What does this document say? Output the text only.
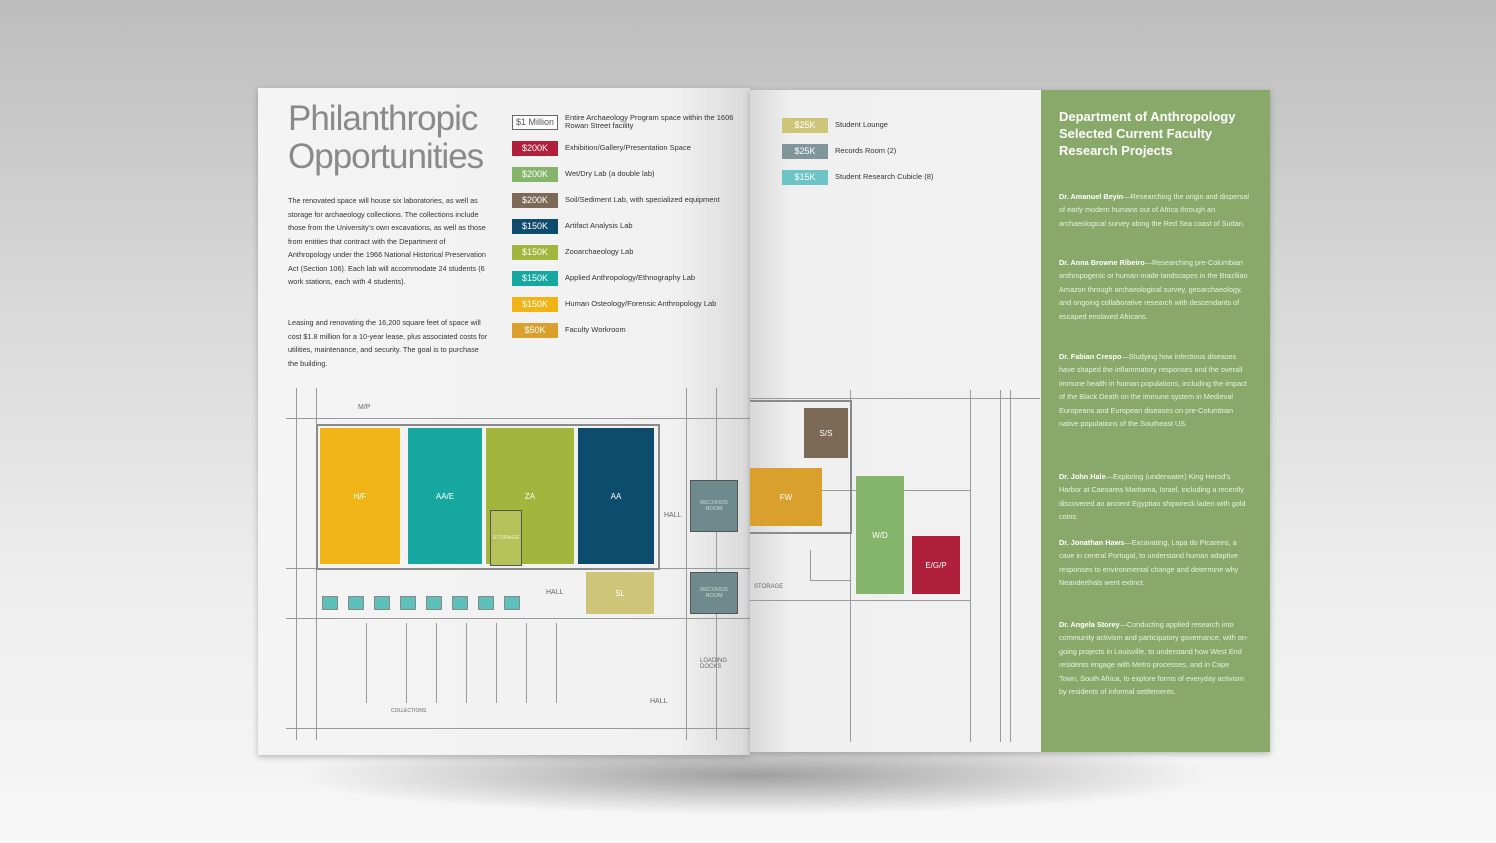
Philanthropic
Opportunities

The renovated space will house six laboratories, as well as storage for archaeology collections. The collections include those from the University’s own excavations, as well as those from entities that contract with the Department of Anthropology under the 1966 National Historical Preservation Act (Section 106). Each lab will accommodate 24 students (6 work stations, each with 4 students).

Leasing and renovating the 16,200 square feet of space will cost $1.8 million for a 10-year lease, plus associated costs for utilities, maintenance, and security. The goal is to purchase the building.

$1 Million	Entire Archaeology Program space within the 1606 Rowan Street facility
$200K	Exhibition/Gallery/Presentation Space
$200K	Wet/Dry Lab (a double lab)
$200K	Soil/Sediment Lab, with specialized equipment
$150K	Artifact Analysis Lab
$150K	Zooarchaeology Lab
$150K	Applied Anthropology/Ethnography Lab
$150K	Human Osteology/Forensic Anthropology Lab
$50K	Faculty Workroom
M/P
H/F	AA/E	ZA
STORAGE
AA
SL
HALL
HALL
HALL
LOADING DOCKS
COLLECTIONS
RECORDS ROOM
RECORDS ROOM
$25K	Student Lounge
$25K	Records Room (2)
$15K	Student Research Cubicle (8)
S/S
FW
W/D
E/G/P
STORAGE
Department of Anthropology Selected Current Faculty Research Projects

Dr. Amanuel Beyin—Researching the origin and dispersal of early modern humans out of Africa through an archaeological survey along the Red Sea coast of Sudan.

Dr. Anna Browne Ribeiro—Researching pre-Columbian anthropogenic or human-made landscapes in the Brazilian Amazon through archaeological survey, geoarchaeology, and ongoing collaborative research with descendants of escaped enslaved Africans.

Dr. Fabian Crespo—Studying how infectious diseases have shaped the inflammatory responses and the overall immune health in human populations, including the impact of the Black Death on the immune system in Medieval Europeans and European diseases on pre-Columbian native populations of the Southeast US.

Dr. John Hale—Exploring (underwater) King Herod’s Harbor at Caesarea Maritama, Israel, including a recently discovered an ancient Egyptian shipwreck laden with gold coins.

Dr. Jonathan Haws—Excavating, Lapa do Picareiro, a cave in central Portugal, to understand human adaptive responses to environmental change and determine why Neanderthals went extinct.

Dr. Angela Storey—Conducting applied research into community activism and participatory governance, with on-going projects in Louisville, to understand how West End residents engage with Metro processes, and in Cape Town, South Africa, to explore forms of everyday activism by residents of informal settlements.
